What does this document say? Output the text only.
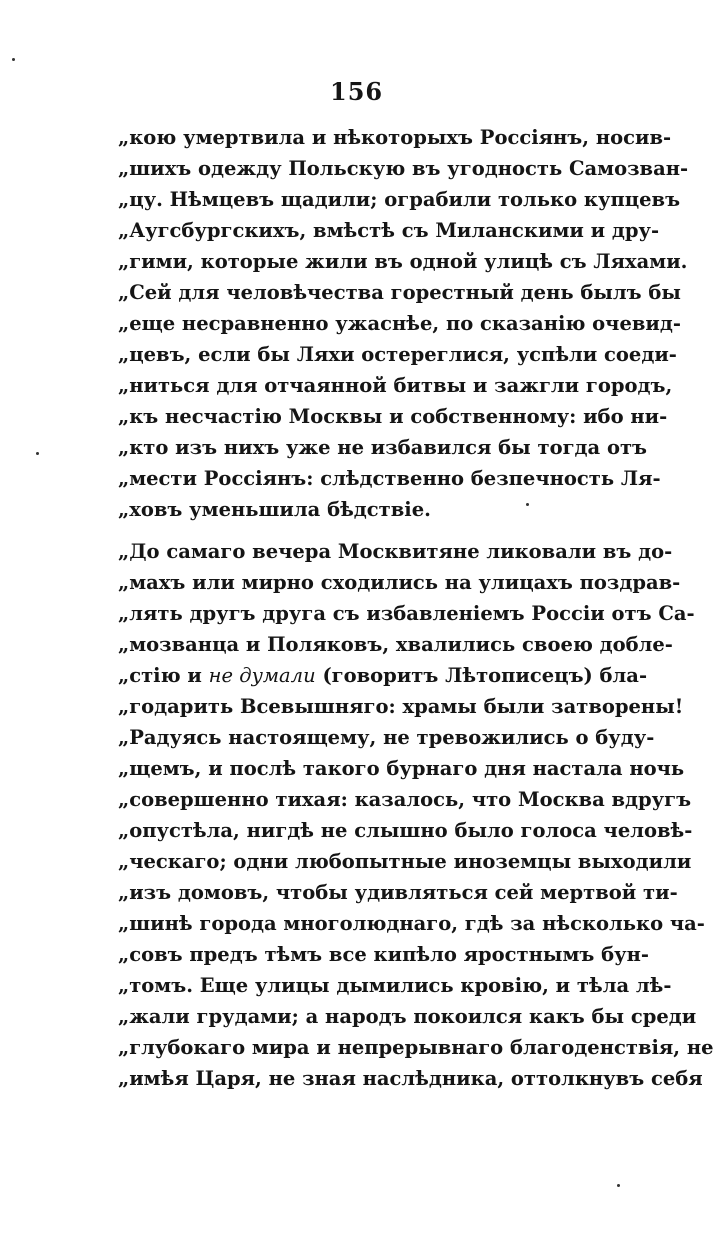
156
„кою умертвила и нѣкоторыхъ Россіянъ, носив-
„шихъ одежду Польскую въ угодность Самозван-
„цу. Нѣмцевъ щадили; ограбили только купцевъ
„Аугсбургскихъ, вмѣстѣ съ Миланскими и дру-
„гими, которые жили въ одной улицѣ съ Ляхами.
„Сей для человѣчества горестный день былъ бы
„еще несравненно ужаснѣе, по сказанію очевид-
„цевъ, если бы Ляхи остереглися, успѣли соеди-
„ниться для отчаянной битвы и зажгли городъ,
„къ несчастію Москвы и собственному: ибо ни-
„кто изъ нихъ уже не избавился бы тогда отъ
„мести Россіянъ: слѣдственно безпечность Ля-
„ховъ уменьшила бѣдствіе.
„До самаго вечера Москвитяне ликовали въ до-
„махъ или мирно сходились на улицахъ поздрав-
„лять другъ друга съ избавленіемъ Россіи отъ Са-
„мозванца и Поляковъ, хвалились своею добле-
„стію и не думали (говоритъ Лѣтописецъ) бла-
„годарить Всевышняго: храмы были затворены!
„Радуясь настоящему, не тревожились о буду-
„щемъ, и послѣ такого бурнаго дня настала ночь
„совершенно тихая: казалось, что Москва вдругъ
„опустѣла, нигдѣ не слышно было голоса человѣ-
„ческаго; одни любопытные иноземцы выходили
„изъ домовъ, чтобы удивляться сей мертвой ти-
„шинѣ города многолюднаго, гдѣ за нѣсколько ча-
„совъ предъ тѣмъ все кипѣло яростнымъ бун-
„томъ. Еще улицы дымились кровію, и тѣла лѣ-
„жали грудами; а народъ покоился какъ бы среди
„глубокаго мира и непрерывнаго благоденствія, не
„имѣя Царя, не зная наслѣдника, оттолкнувъ себя
